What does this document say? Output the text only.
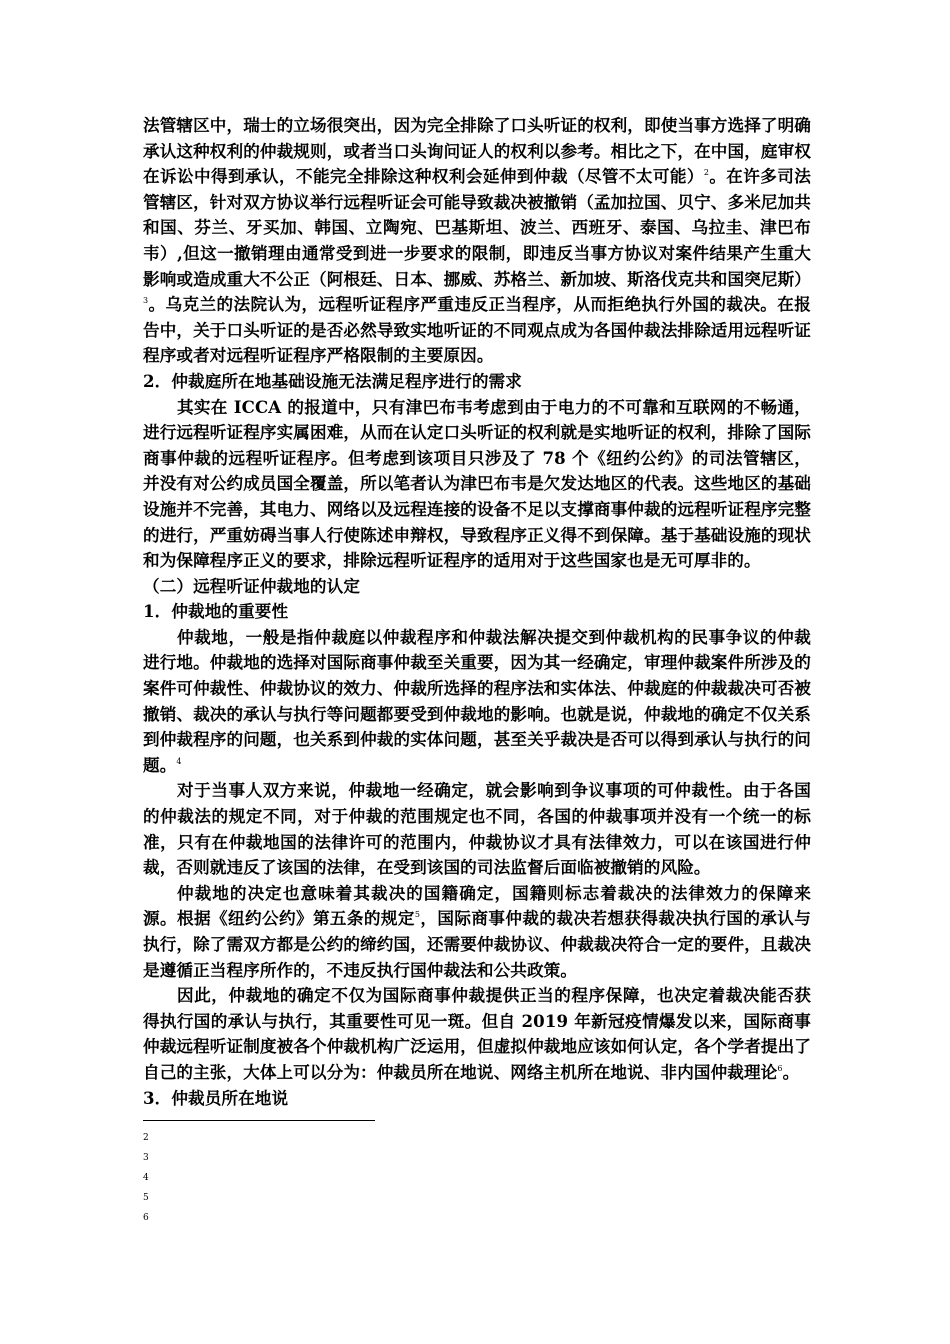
法管辖区中，瑞士的立场很突出，因为完全排除了口头听证的权利，即使当事方选择了明确承认这种权利的仲裁规则，或者当口头询问证人的权利以参考。相比之下，在中国，庭审权在诉讼中得到承认，不能完全排除这种权利会延伸到仲裁（尽管不太可能）$^2$。在许多司法管辖区，针对双方协议举行远程听证会可能导致裁决被撤销（孟加拉国、贝宁、多米尼加共和国、芬兰、牙买加、韩国、立陶宛、巴基斯坦、波兰、西班牙、泰国、乌拉圭、津巴布韦）,但这一撤销理由通常受到进一步要求的限制，即违反当事方协议对案件结果产生重大影响或造成重大不公正（阿根廷、日本、挪威、苏格兰、新加坡、斯洛伐克共和国突尼斯）$^3$。乌克兰的法院认为，远程听证程序严重违反正当程序，从而拒绝执行外国的裁决。在报告中，关于口头听证的是否必然导致实地听证的不同观点成为各国仲裁法排除适用远程听证程序或者对远程听证程序严格限制的主要原因。

2．仲裁庭所在地基础设施无法满足程序进行的需求

其实在 ICCA 的报道中，只有津巴布韦考虑到由于电力的不可靠和互联网的不畅通，进行远程听证程序实属困难，从而在认定口头听证的权利就是实地听证的权利，排除了国际商事仲裁的远程听证程序。但考虑到该项目只涉及了 78 个《纽约公约》的司法管辖区，并没有对公约成员国全覆盖，所以笔者认为津巴布韦是欠发达地区的代表。这些地区的基础设施并不完善，其电力、网络以及远程连接的设备不足以支撑商事仲裁的远程听证程序完整的进行，严重妨碍当事人行使陈述申辩权，导致程序正义得不到保障。基于基础设施的现状和为保障程序正义的要求，排除远程听证程序的适用对于这些国家也是无可厚非的。

（二）远程听证仲裁地的认定

1．仲裁地的重要性

仲裁地，一般是指仲裁庭以仲裁程序和仲裁法解决提交到仲裁机构的民事争议的仲裁进行地。仲裁地的选择对国际商事仲裁至关重要，因为其一经确定，审理仲裁案件所涉及的案件可仲裁性、仲裁协议的效力、仲裁所选择的程序法和实体法、仲裁庭的仲裁裁决可否被撤销、裁决的承认与执行等问题都要受到仲裁地的影响。也就是说，仲裁地的确定不仅关系到仲裁程序的问题，也关系到仲裁的实体问题，甚至关乎裁决是否可以得到承认与执行的问题。$^4$

对于当事人双方来说，仲裁地一经确定，就会影响到争议事项的可仲裁性。由于各国的仲裁法的规定不同，对于仲裁的范围规定也不同，各国的仲裁事项并没有一个统一的标准，只有在仲裁地国的法律许可的范围内，仲裁协议才具有法律效力，可以在该国进行仲裁，否则就违反了该国的法律，在受到该国的司法监督后面临被撤销的风险。

仲裁地的决定也意味着其裁决的国籍确定，国籍则标志着裁决的法律效力的保障来源。根据《纽约公约》第五条的规定$^5$，国际商事仲裁的裁决若想获得裁决执行国的承认与执行，除了需双方都是公约的缔约国，还需要仲裁协议、仲裁裁决符合一定的要件，且裁决是遵循正当程序所作的，不违反执行国仲裁法和公共政策。

因此，仲裁地的确定不仅为国际商事仲裁提供正当的程序保障，也决定着裁决能否获得执行国的承认与执行，其重要性可见一斑。但自 2019 年新冠疫情爆发以来，国际商事仲裁远程听证制度被各个仲裁机构广泛运用，但虚拟仲裁地应该如何认定，各个学者提出了自己的主张，大体上可以分为：仲裁员所在地说、网络主机所在地说、非内国仲裁理论$^6$。

3．仲裁员所在地说

2
3
4
5
6
